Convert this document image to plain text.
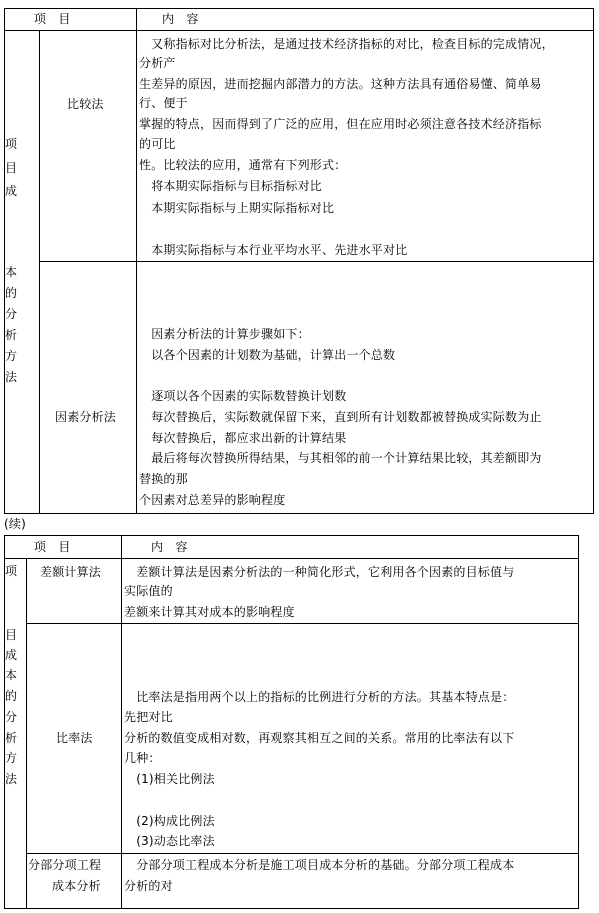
项　目	内　容
项
目
成
本
的
分
析
方
法
比较法
　又称指标对比分析法，是通过技术经济指标的对比，检查目标的完成情况，
分析产
生差异的原因，进而挖掘内部潜力的方法。这种方法具有通俗易懂、简单易
行、便于
掌握的特点，因而得到了广泛的应用，但在应用时必须注意各技术经济指标
的可比
性。比较法的应用，通常有下列形式：
　将本期实际指标与目标指标对比
　本期实际指标与上期实际指标对比
　本期实际指标与本行业平均水平、先进水平对比
因素分析法
　因素分析法的计算步骤如下：
　以各个因素的计划数为基础，计算出一个总数
　逐项以各个因素的实际数替换计划数
　每次替换后，实际数就保留下来，直到所有计划数都被替换成实际数为止
　每次替换后，都应求出新的计算结果
　最后将每次替换所得结果，与其相邻的前一个计算结果比较，其差额即为
替换的那
个因素对总差异的影响程度
(续)
项　目	内　容
项
目
成
本
的
分
析
方
法
差额计算法 　差额计算法是因素分析法的一种简化形式，它利用各个因素的目标值与
实际值的
差额来计算其对成本的影响程度
比率法
　比率法是指用两个以上的指标的比例进行分析的方法。其基本特点是：
先把对比
分析的数值变成相对数，再观察其相互之间的关系。常用的比率法有以下
几种：
　(1)相关比例法
　(2)构成比例法
　(3)动态比率法
分部分项工程
成本分析
　分部分项工程成本分析是施工项目成本分析的基础。分部分项工程成本
分析的对
